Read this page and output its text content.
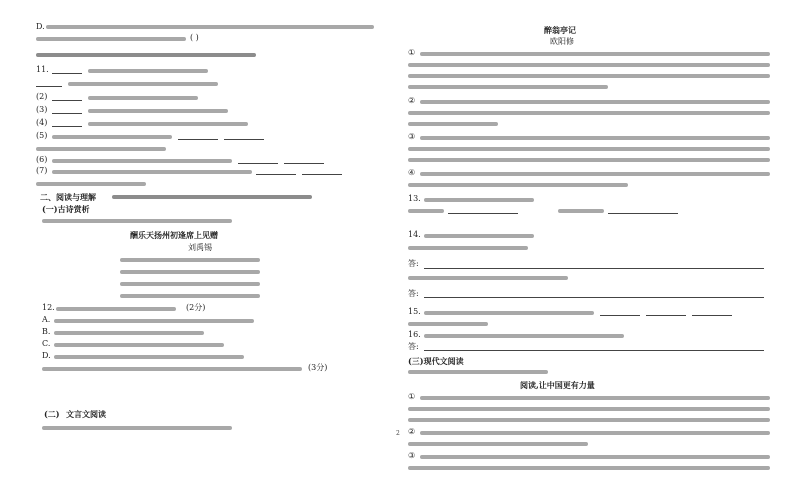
D.
( )
11.
(2)
(3)
(4)
(5)
(6)
(7)
二、阅读与理解
(一)古诗赏析
酬乐天扬州初逢席上见赠
刘禹锡
12.	(2分)
A.
B.
C.
D.
(3分)
(二) 文言文阅读
醉翁亭记
欧阳修
①
②
③
④
13.
14.
答:
答:
15.
16.
答:
(三)现代文阅读
阅读,让中国更有力量
①
②
③
2
